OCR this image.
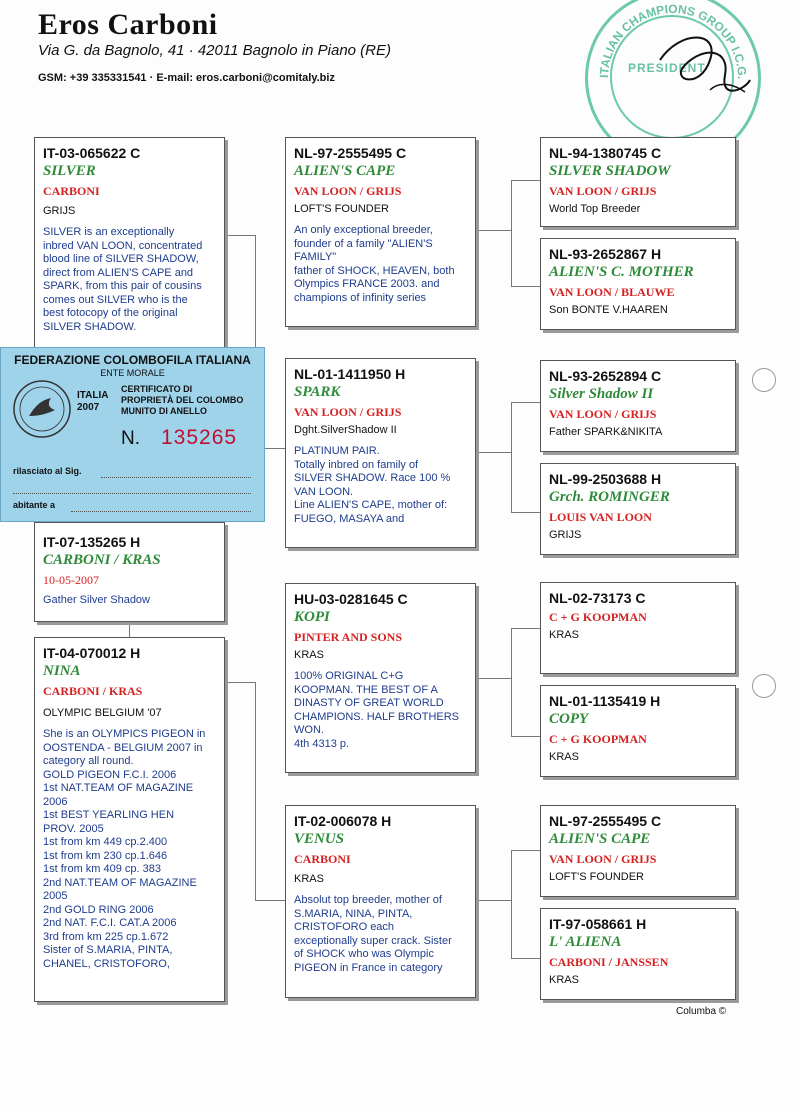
Eros Carboni
Via G. da Bagnolo, 41 · 42011 Bagnolo in Piano (RE)
GSM: +39 335331541 · E-mail: eros.carboni@comitaly.biz	ITALIAN CHAMPIONS GROUP I.C.G.
PRESIDENT
IT-03-065622 C
SILVER
CARBONI
GRIJS
SILVER is an exceptionally
inbred VAN LOON, concentrated
blood line of SILVER SHADOW,
direct from ALIEN'S CAPE and
SPARK, from this pair of cousins
comes out SILVER who is the
best fotocopy of the original
SILVER SHADOW.
IT-07-135265 H
CARBONI / KRAS
10-05-2007
Gather Silver Shadow
IT-04-070012 H
NINA
CARBONI / KRAS
OLYMPIC BELGIUM '07
She is an OLYMPICS PIGEON in
OOSTENDA - BELGIUM 2007 in
category all round.
GOLD PIGEON F.C.I. 2006
1st NAT.TEAM OF MAGAZINE
2006
1st BEST YEARLING HEN
PROV. 2005
1st from km 449 cp.2.400
1st from km 230 cp.1.646
1st from km 409 cp. 383
2nd NAT.TEAM OF MAGAZINE
2005
2nd GOLD RING 2006
2nd NAT. F.C.I. CAT.A 2006
3rd from km 225 cp.1.672
Sister of S.MARIA, PINTA,
CHANEL, CRISTOFORO,
NL-97-2555495 C
ALIEN'S CAPE
VAN LOON / GRIJS
LOFT'S FOUNDER
An only exceptional breeder,
founder of a family "ALIEN'S
FAMILY"
father of SHOCK, HEAVEN, both
Olympics FRANCE 2003. and
champions of infinity series
NL-01-1411950 H
SPARK
VAN LOON / GRIJS
Dght.SilverShadow II
PLATINUM PAIR.
Totally inbred on family of
SILVER SHADOW. Race 100 %
VAN LOON.
Line ALIEN'S CAPE, mother of:
FUEGO, MASAYA and
HU-03-0281645 C
KOPI
PINTER AND SONS
KRAS
100% ORIGINAL C+G
KOOPMAN. THE BEST OF A
DINASTY OF GREAT WORLD
CHAMPIONS. HALF BROTHERS
WON.
4th 4313 p.
IT-02-006078 H
VENUS
CARBONI
KRAS
Absolut top breeder, mother of
S.MARIA, NINA, PINTA,
CRISTOFORO each
exceptionally super crack. Sister
of SHOCK who was Olympic
PIGEON in France in category
NL-94-1380745 C
SILVER SHADOW
VAN LOON / GRIJS
World Top Breeder
NL-93-2652867 H
ALIEN'S C. MOTHER
VAN LOON / BLAUWE
Son BONTE V.HAAREN
NL-93-2652894 C
Silver Shadow II
VAN LOON / GRIJS
Father SPARK&NIKITA
NL-99-2503688 H
Grch. ROMINGER
LOUIS VAN LOON
GRIJS
NL-02-73173 C
C + G KOOPMAN
KRAS
NL-01-1135419 H
COPY
C + G KOOPMAN
KRAS
NL-97-2555495 C
ALIEN'S CAPE
VAN LOON / GRIJS
LOFT'S FOUNDER
IT-97-058661 H
L' ALIENA
CARBONI / JANSSEN
KRAS
FEDERAZIONE COLOMBOFILA ITALIANA
ENTE MORALE
ITALIA
2007
CERTIFICATO DI
PROPRIETÀ DEL COLOMBO
MUNITO DI ANELLO
N. 135265
rilasciato al Sig.
abitante a
Columba ©
